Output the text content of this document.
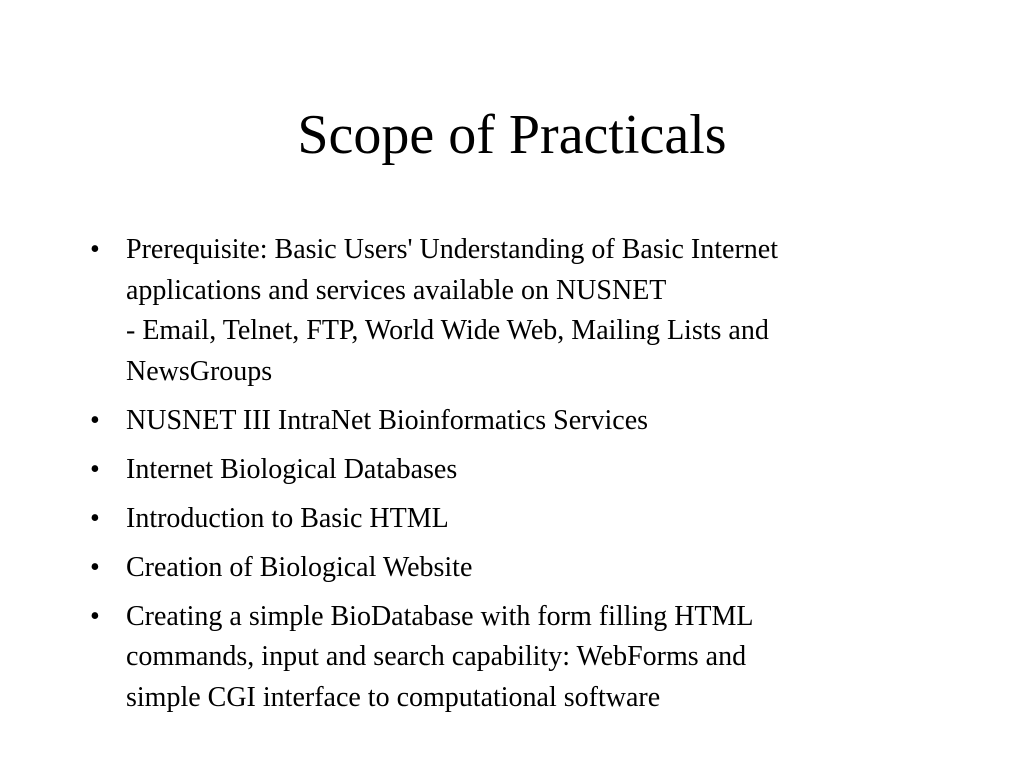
Scope of Practicals
• Prerequisite: Basic Users' Understanding of Basic Internet
applications and services available on NUSNET
- Email, Telnet, FTP, World Wide Web, Mailing Lists and
NewsGroups
• NUSNET III IntraNet Bioinformatics Services
• Internet Biological Databases
• Introduction to Basic HTML
• Creation of Biological Website
• Creating a simple BioDatabase with form filling HTML
commands, input and search capability: WebForms and
simple CGI interface to computational software
